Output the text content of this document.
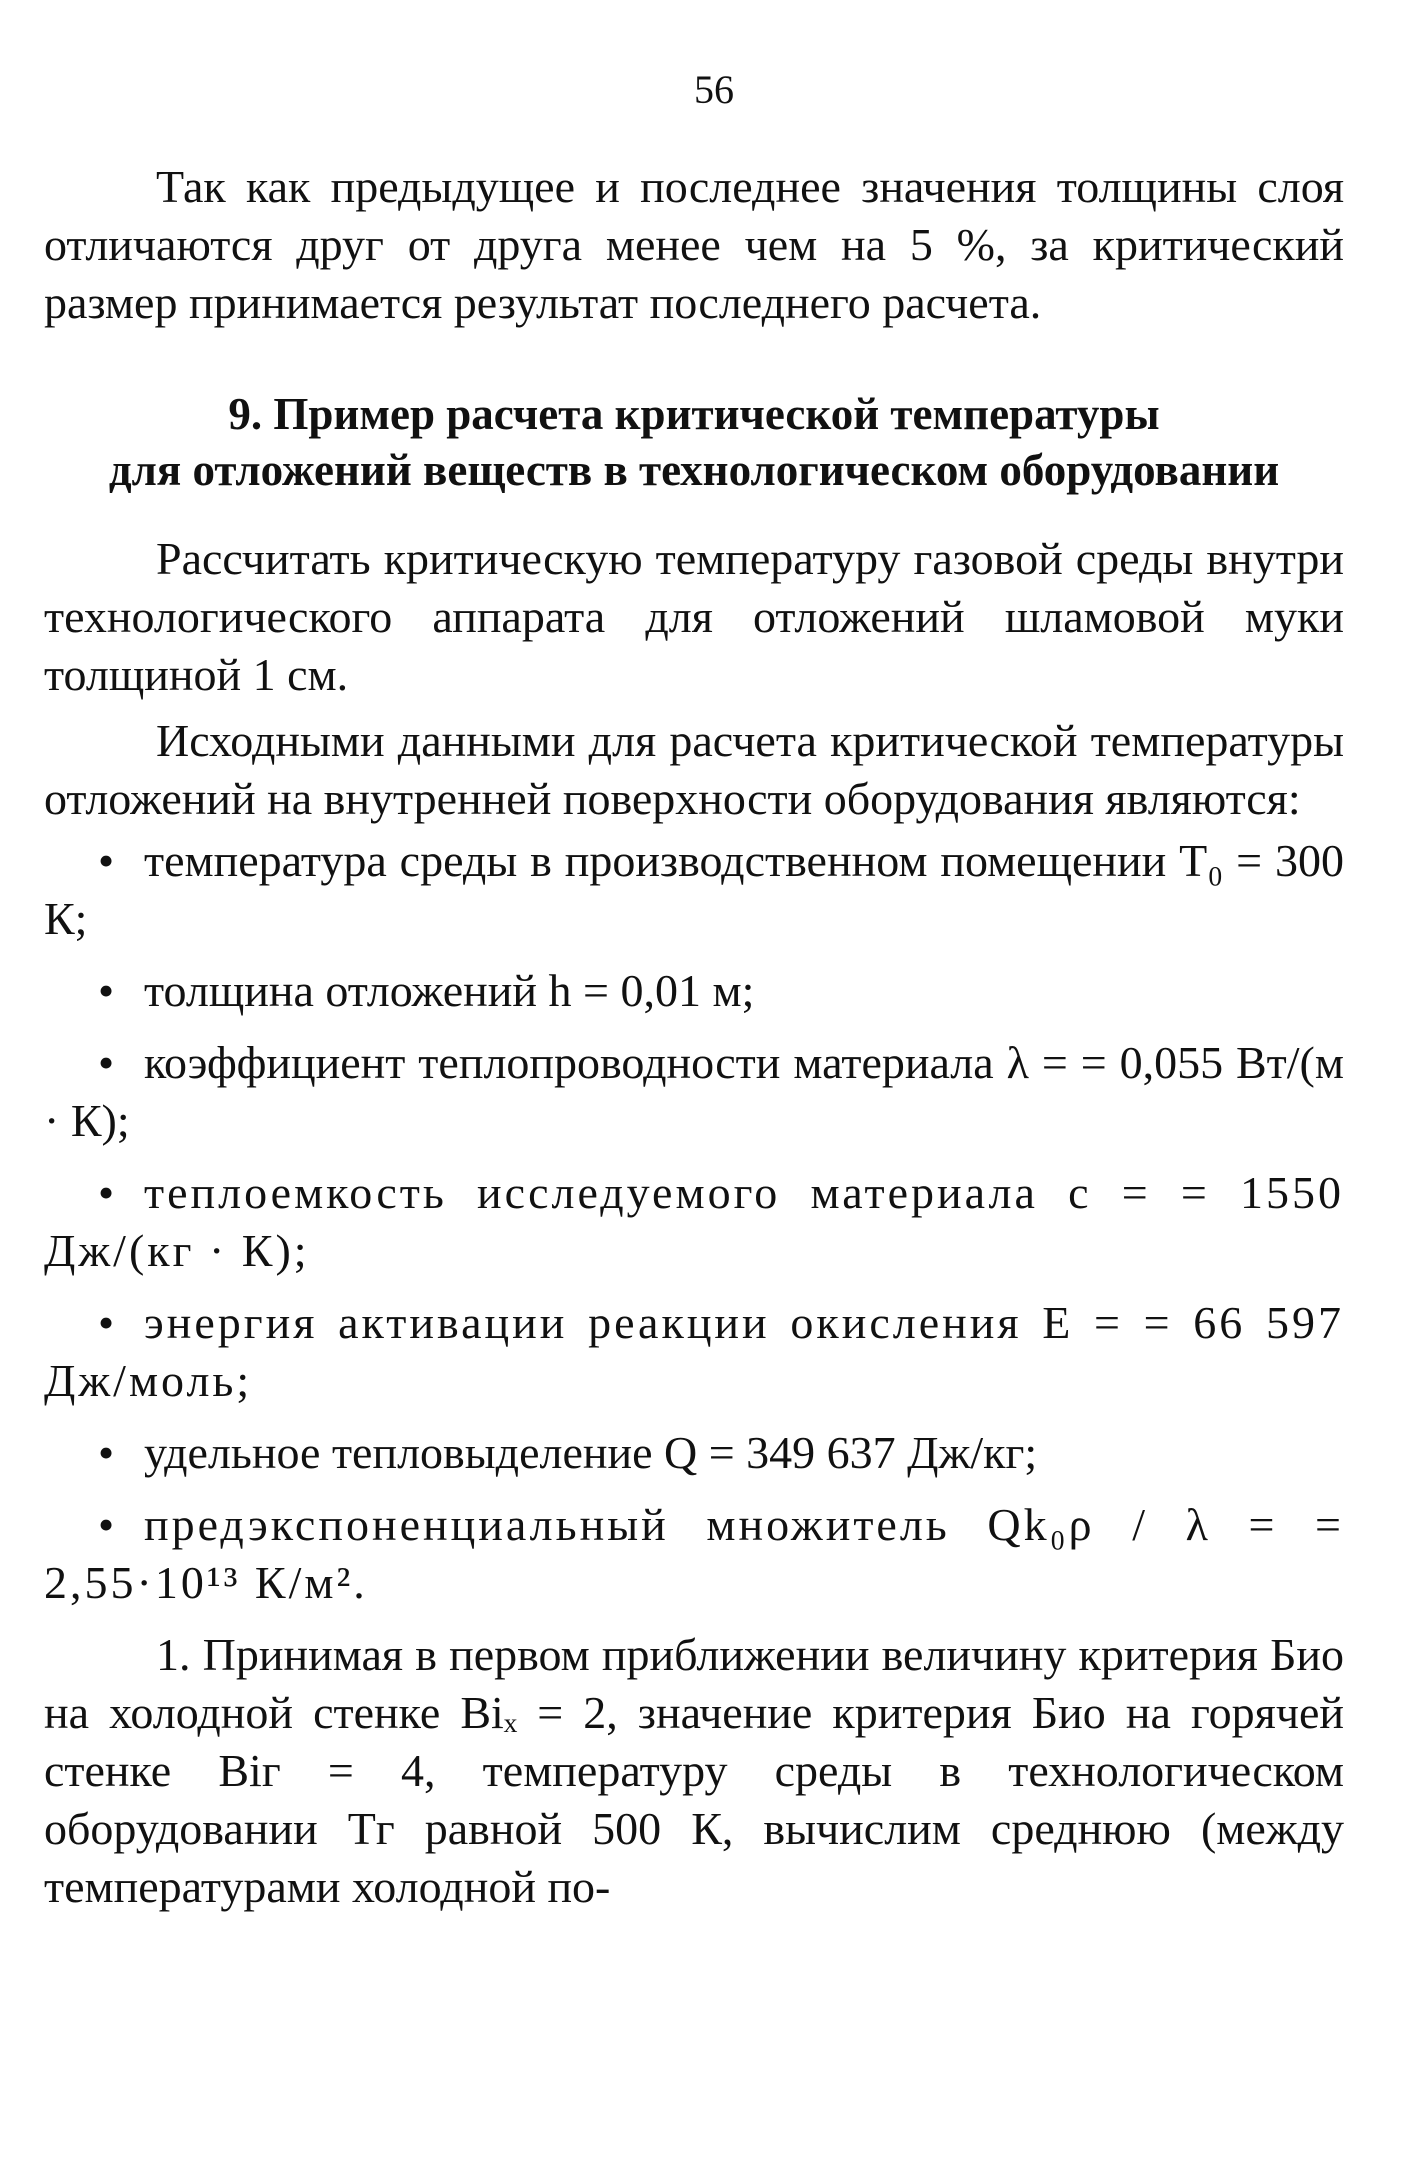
56

Так как предыдущее и последнее значения толщины слоя отличаются друг от друга менее чем на 5 %, за критический размер принимается результат последнего расчета.

9. Пример расчета критической температуры
для отложений веществ в технологическом оборудовании

Рассчитать критическую температуру газовой среды внутри технологического аппарата для отложений шламовой муки толщиной 1 см.

Исходными данными для расчета критической температуры отложений на внутренней поверхности оборудования являются:

• температура среды в производственном помещении T₀ = 300 К;
• толщина отложений h = 0,01 м;
• коэффициент теплопроводности материала λ = = 0,055 Вт/(м · К);
• теплоемкость исследуемого материала c = = 1550 Дж/(кг · К);
• энергия активации реакции окисления E = = 66 597 Дж/моль;
• удельное тепловыделение Q = 349 637 Дж/кг;
• предэкспоненциальный множитель Qk₀ρ / λ = = 2,55·10¹³ К/м².

1. Принимая в первом приближении величину критерия Био на холодной стенке Biₓ = 2, значение критерия Био на горячей стенке Biг = 4, температуру среды в технологическом оборудовании Tг равной 500 К, вычислим среднюю (между температурами холодной по-
